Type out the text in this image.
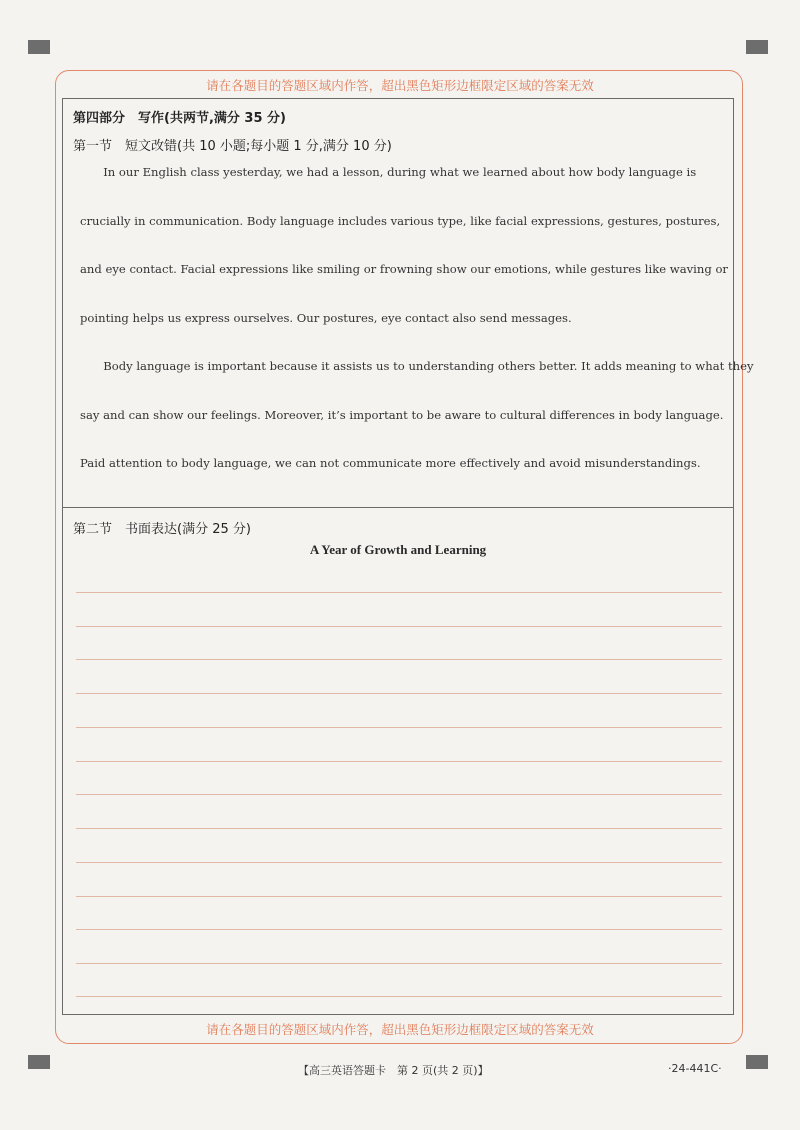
请在各题目的答题区域内作答，超出黑色矩形边框限定区域的答案无效
请在各题目的答题区域内作答，超出黑色矩形边框限定区域的答案无效
第四部分　写作(共两节,满分 35 分)
第一节　短文改错(共 10 小题;每小题 1 分,满分 10 分)
　　In our English class yesterday, we had a lesson, during what we learned about how body language is
crucially in communication. Body language includes various type, like facial expressions, gestures, postures,
and eye contact. Facial expressions like smiling or frowning show our emotions, while gestures like waving or
pointing helps us express ourselves. Our postures, eye contact also send messages.
　　Body language is important because it assists us to understanding others better. It adds meaning to what they
say and can show our feelings. Moreover, it’s important to be aware to cultural differences in body language.
Paid attention to body language, we can not communicate more effectively and avoid misunderstandings.
第二节　书面表达(满分 25 分)
A Year of Growth and Learning
【高三英语答题卡　第 2 页(共 2 页)】	·24-441C·
